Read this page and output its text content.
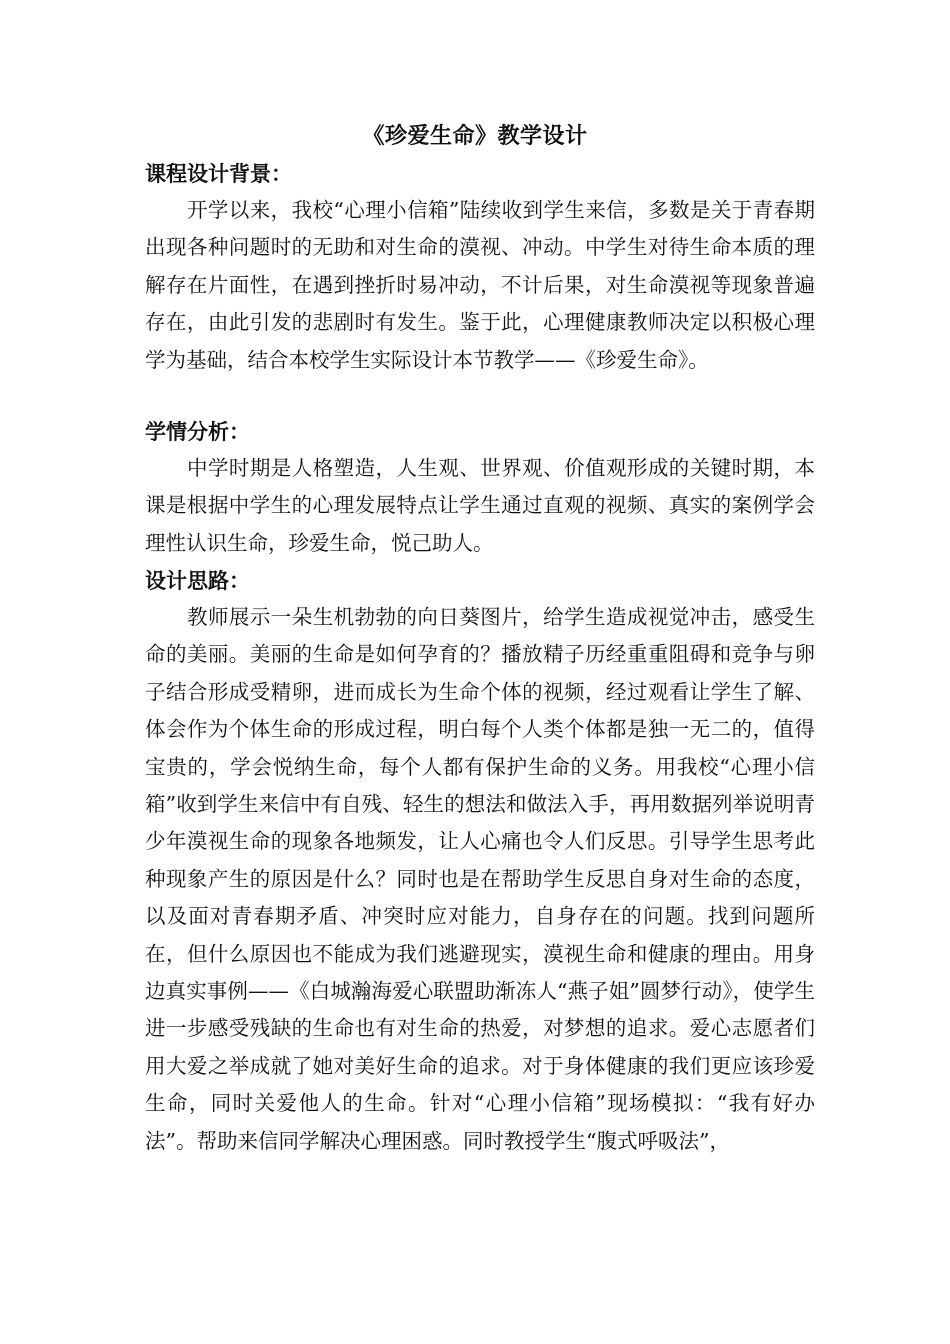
《珍爱生命》教学设计

课程设计背景：

开学以来，我校“心理小信箱”陆续收到学生来信，多数是关于青春期出现各种问题时的无助和对生命的漠视、冲动。中学生对待生命本质的理解存在片面性，在遇到挫折时易冲动，不计后果，对生命漠视等现象普遍存在，由此引发的悲剧时有发生。鉴于此，心理健康教师决定以积极心理学为基础，结合本校学生实际设计本节教学——《珍爱生命》。

学情分析：

中学时期是人格塑造，人生观、世界观、价值观形成的关键时期，本课是根据中学生的心理发展特点让学生通过直观的视频、真实的案例学会理性认识生命，珍爱生命，悦己助人。

设计思路：

教师展示一朵生机勃勃的向日葵图片，给学生造成视觉冲击，感受生命的美丽。美丽的生命是如何孕育的？播放精子历经重重阻碍和竞争与卵子结合形成受精卵，进而成长为生命个体的视频，经过观看让学生了解、体会作为个体生命的形成过程，明白每个人类个体都是独一无二的，值得宝贵的，学会悦纳生命，每个人都有保护生命的义务。用我校“心理小信箱”收到学生来信中有自残、轻生的想法和做法入手，再用数据列举说明青少年漠视生命的现象各地频发，让人心痛也令人们反思。引导学生思考此种现象产生的原因是什么？同时也是在帮助学生反思自身对生命的态度，以及面对青春期矛盾、冲突时应对能力，自身存在的问题。找到问题所在，但什么原因也不能成为我们逃避现实，漠视生命和健康的理由。用身边真实事例——《白城瀚海爱心联盟助渐冻人“燕子姐”圆梦行动》，使学生进一步感受残缺的生命也有对生命的热爱，对梦想的追求。爱心志愿者们用大爱之举成就了她对美好生命的追求。对于身体健康的我们更应该珍爱生命，同时关爱他人的生命。针对“心理小信箱”现场模拟：“我有好办法”。帮助来信同学解决心理困惑。同时教授学生“腹式呼吸法”，
